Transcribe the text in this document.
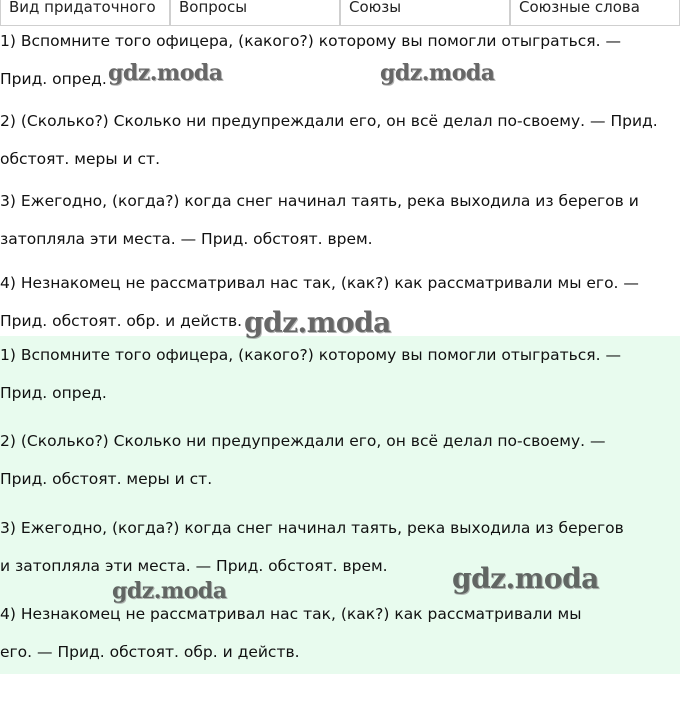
Вид придаточного	Вопросы	Союзы	Союзные слова
1) Вспомните того офицера, (какого?) которому вы помогли отыграться. —
Прид. опред.
2) (Сколько?) Сколько ни предупреждали его, он всё делал по-своему. — Прид.
обстоят. меры и ст.
3) Ежегодно, (когда?) когда снег начинал таять, река выходила из берегов и
затопляла эти места. — Прид. обстоят. врем.
4) Незнакомец не рассматривал нас так, (как?) как рассматривали мы его. —
Прид. обстоят. обр. и действ.
1) Вспомните того офицера, (какого?) которому вы помогли отыграться. —
Прид. опред.
2) (Сколько?) Сколько ни предупреждали его, он всё делал по-своему. —
Прид. обстоят. меры и ст.
3) Ежегодно, (когда?) когда снег начинал таять, река выходила из берегов
и затопляла эти места. — Прид. обстоят. врем.
4) Незнакомец не рассматривал нас так, (как?) как рассматривали мы
его. — Прид. обстоят. обр. и действ.
gdz.moda	gdz.moda
gdz.moda
gdz.moda
gdz.moda
